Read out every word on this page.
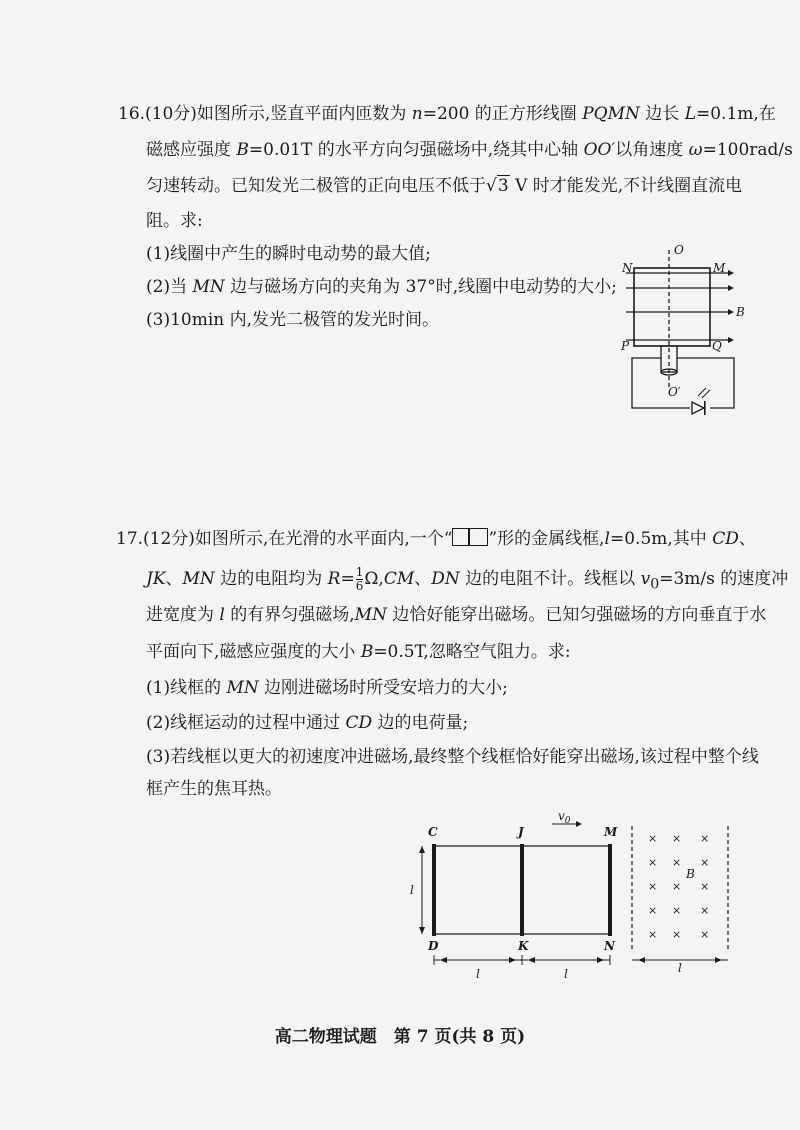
16.(10分)如图所示,竖直平面内匝数为 n=200 的正方形线圈 PQMN 边长 L=0.1m,在
磁感应强度 B=0.01T 的水平方向匀强磁场中,绕其中心轴 OO′以角速度 ω=100rad/s
匀速转动。已知发光二极管的正向电压不低于√3 V 时才能发光,不计线圈直流电
阻。求:
(1)线圈中产生的瞬时电动势的最大值;
(2)当 MN 边与磁场方向的夹角为 37°时,线圈中电动势的大小;
(3)10min 内,发光二极管的发光时间。
O
N	M
B
P	Q
O′
17.(12分)如图所示,在光滑的水平面内,一个“ ”形的金属线框,l=0.5m,其中 CD、
JK、MN 边的电阻均为 $R= \frac{1}{6} \Omega,CM$、DN 边的电阻不计。线框以 $v_0=3m/s$ 的速度冲
进宽度为 l 的有界匀强磁场,MN 边恰好能穿出磁场。已知匀强磁场的方向垂直于水
平面向下,磁感应强度的大小 B=0.5T,忽略空气阻力。求:
(1)线框的 MN 边刚进磁场时所受安培力的大小;
(2)线框运动的过程中通过 CD 边的电荷量;
(3)若线框以更大的初速度冲进磁场,最终整个线框恰好能穿出磁场,该过程中整个线
框产生的焦耳热。
C	J	M
D	K	N
$v_0$
l
l	l	l
B
× × ×
× × ×
× × ×
× × ×
× × ×
高二物理试题　第 7 页(共 8 页)
